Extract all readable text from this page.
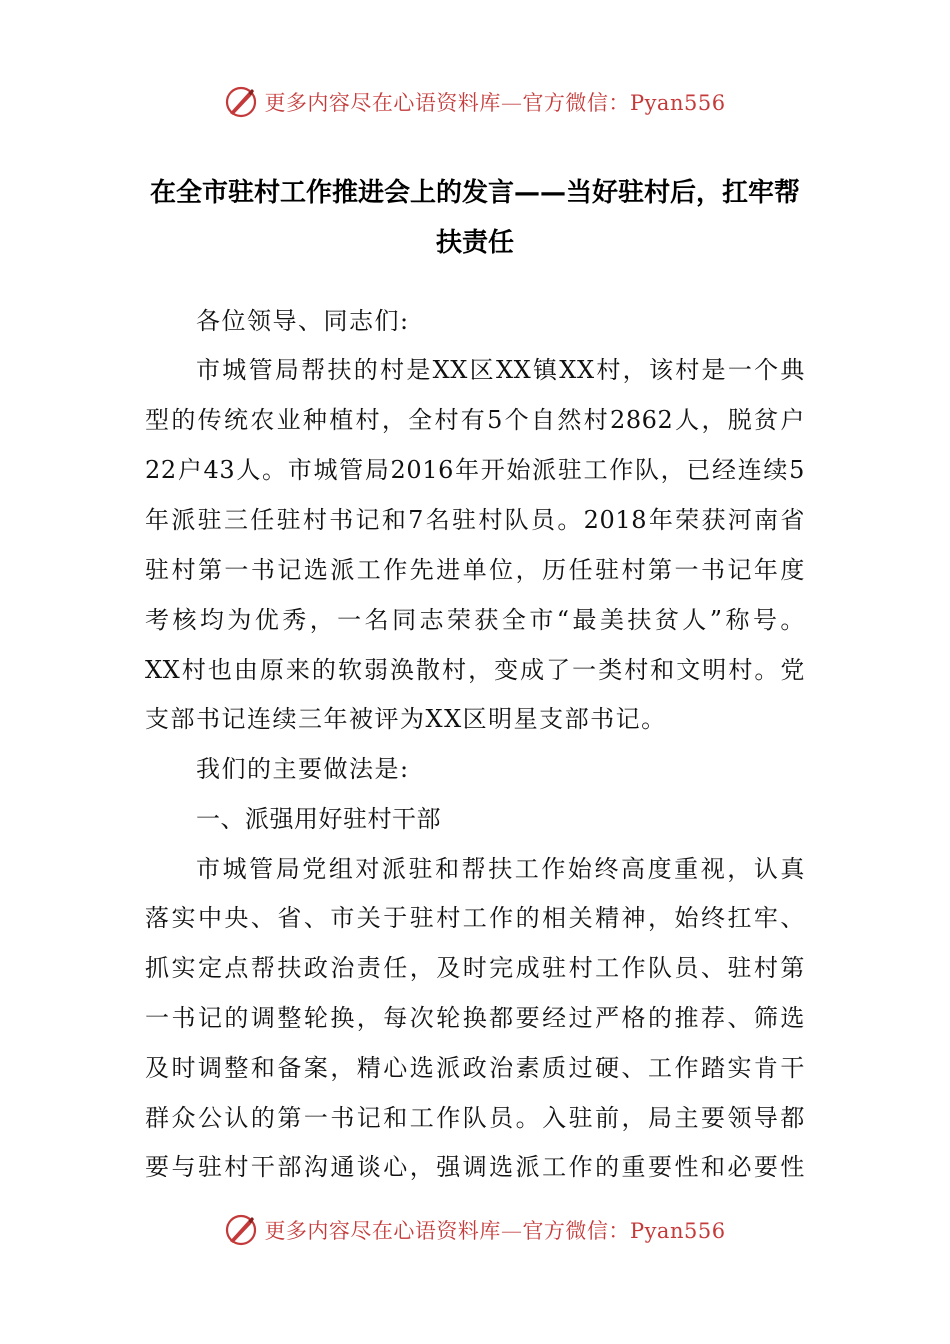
更多内容尽在心语资料库—官方微信：Pyan556
在全市驻村工作推进会上的发言——当好驻村后，扛牢帮
扶责任
各位领导、同志们:
市城管局帮扶的村是XX区XX镇XX村，该村是一个典
型的传统农业种植村，全村有5个自然村2862人，脱贫户
22户43人。市城管局2016年开始派驻工作队，已经连续5
年派驻三任驻村书记和7名驻村队员。2018年荣获河南省
驻村第一书记选派工作先进单位，历任驻村第一书记年度
考核均为优秀，一名同志荣获全市“最美扶贫人”称号。
XX村也由原来的软弱涣散村，变成了一类村和文明村。党
支部书记连续三年被评为XX区明星支部书记。
我们的主要做法是:
一、派强用好驻村干部
市城管局党组对派驻和帮扶工作始终高度重视，认真
落实中央、省、市关于驻村工作的相关精神，始终扛牢、
抓实定点帮扶政治责任，及时完成驻村工作队员、驻村第
一书记的调整轮换，每次轮换都要经过严格的推荐、筛选
及时调整和备案，精心选派政治素质过硬、工作踏实肯干
群众公认的第一书记和工作队员。入驻前，局主要领导都
要与驻村干部沟通谈心，强调选派工作的重要性和必要性
更多内容尽在心语资料库—官方微信：Pyan556
